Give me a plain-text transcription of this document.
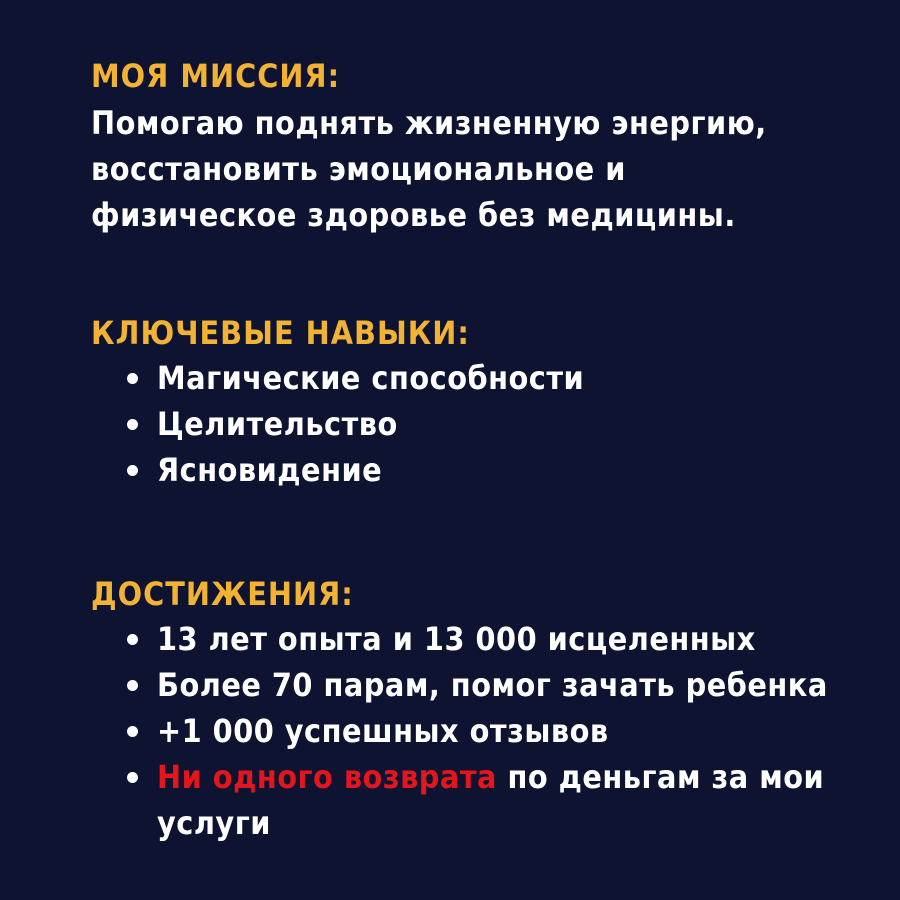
МОЯ МИССИЯ:
Помогаю поднять жизненную энергию,
восстановить эмоциональное и
физическое здоровье без медицины.
КЛЮЧЕВЫЕ НАВЫКИ:
Магические способности
Целительство
Ясновидение
ДОСТИЖЕНИЯ:
13 лет опыта и 13 000 исцеленных
Более 70 парам, помог зачать ребенка
+1 000 успешных отзывов
Ни одного возврата по деньгам за мои
услуги
